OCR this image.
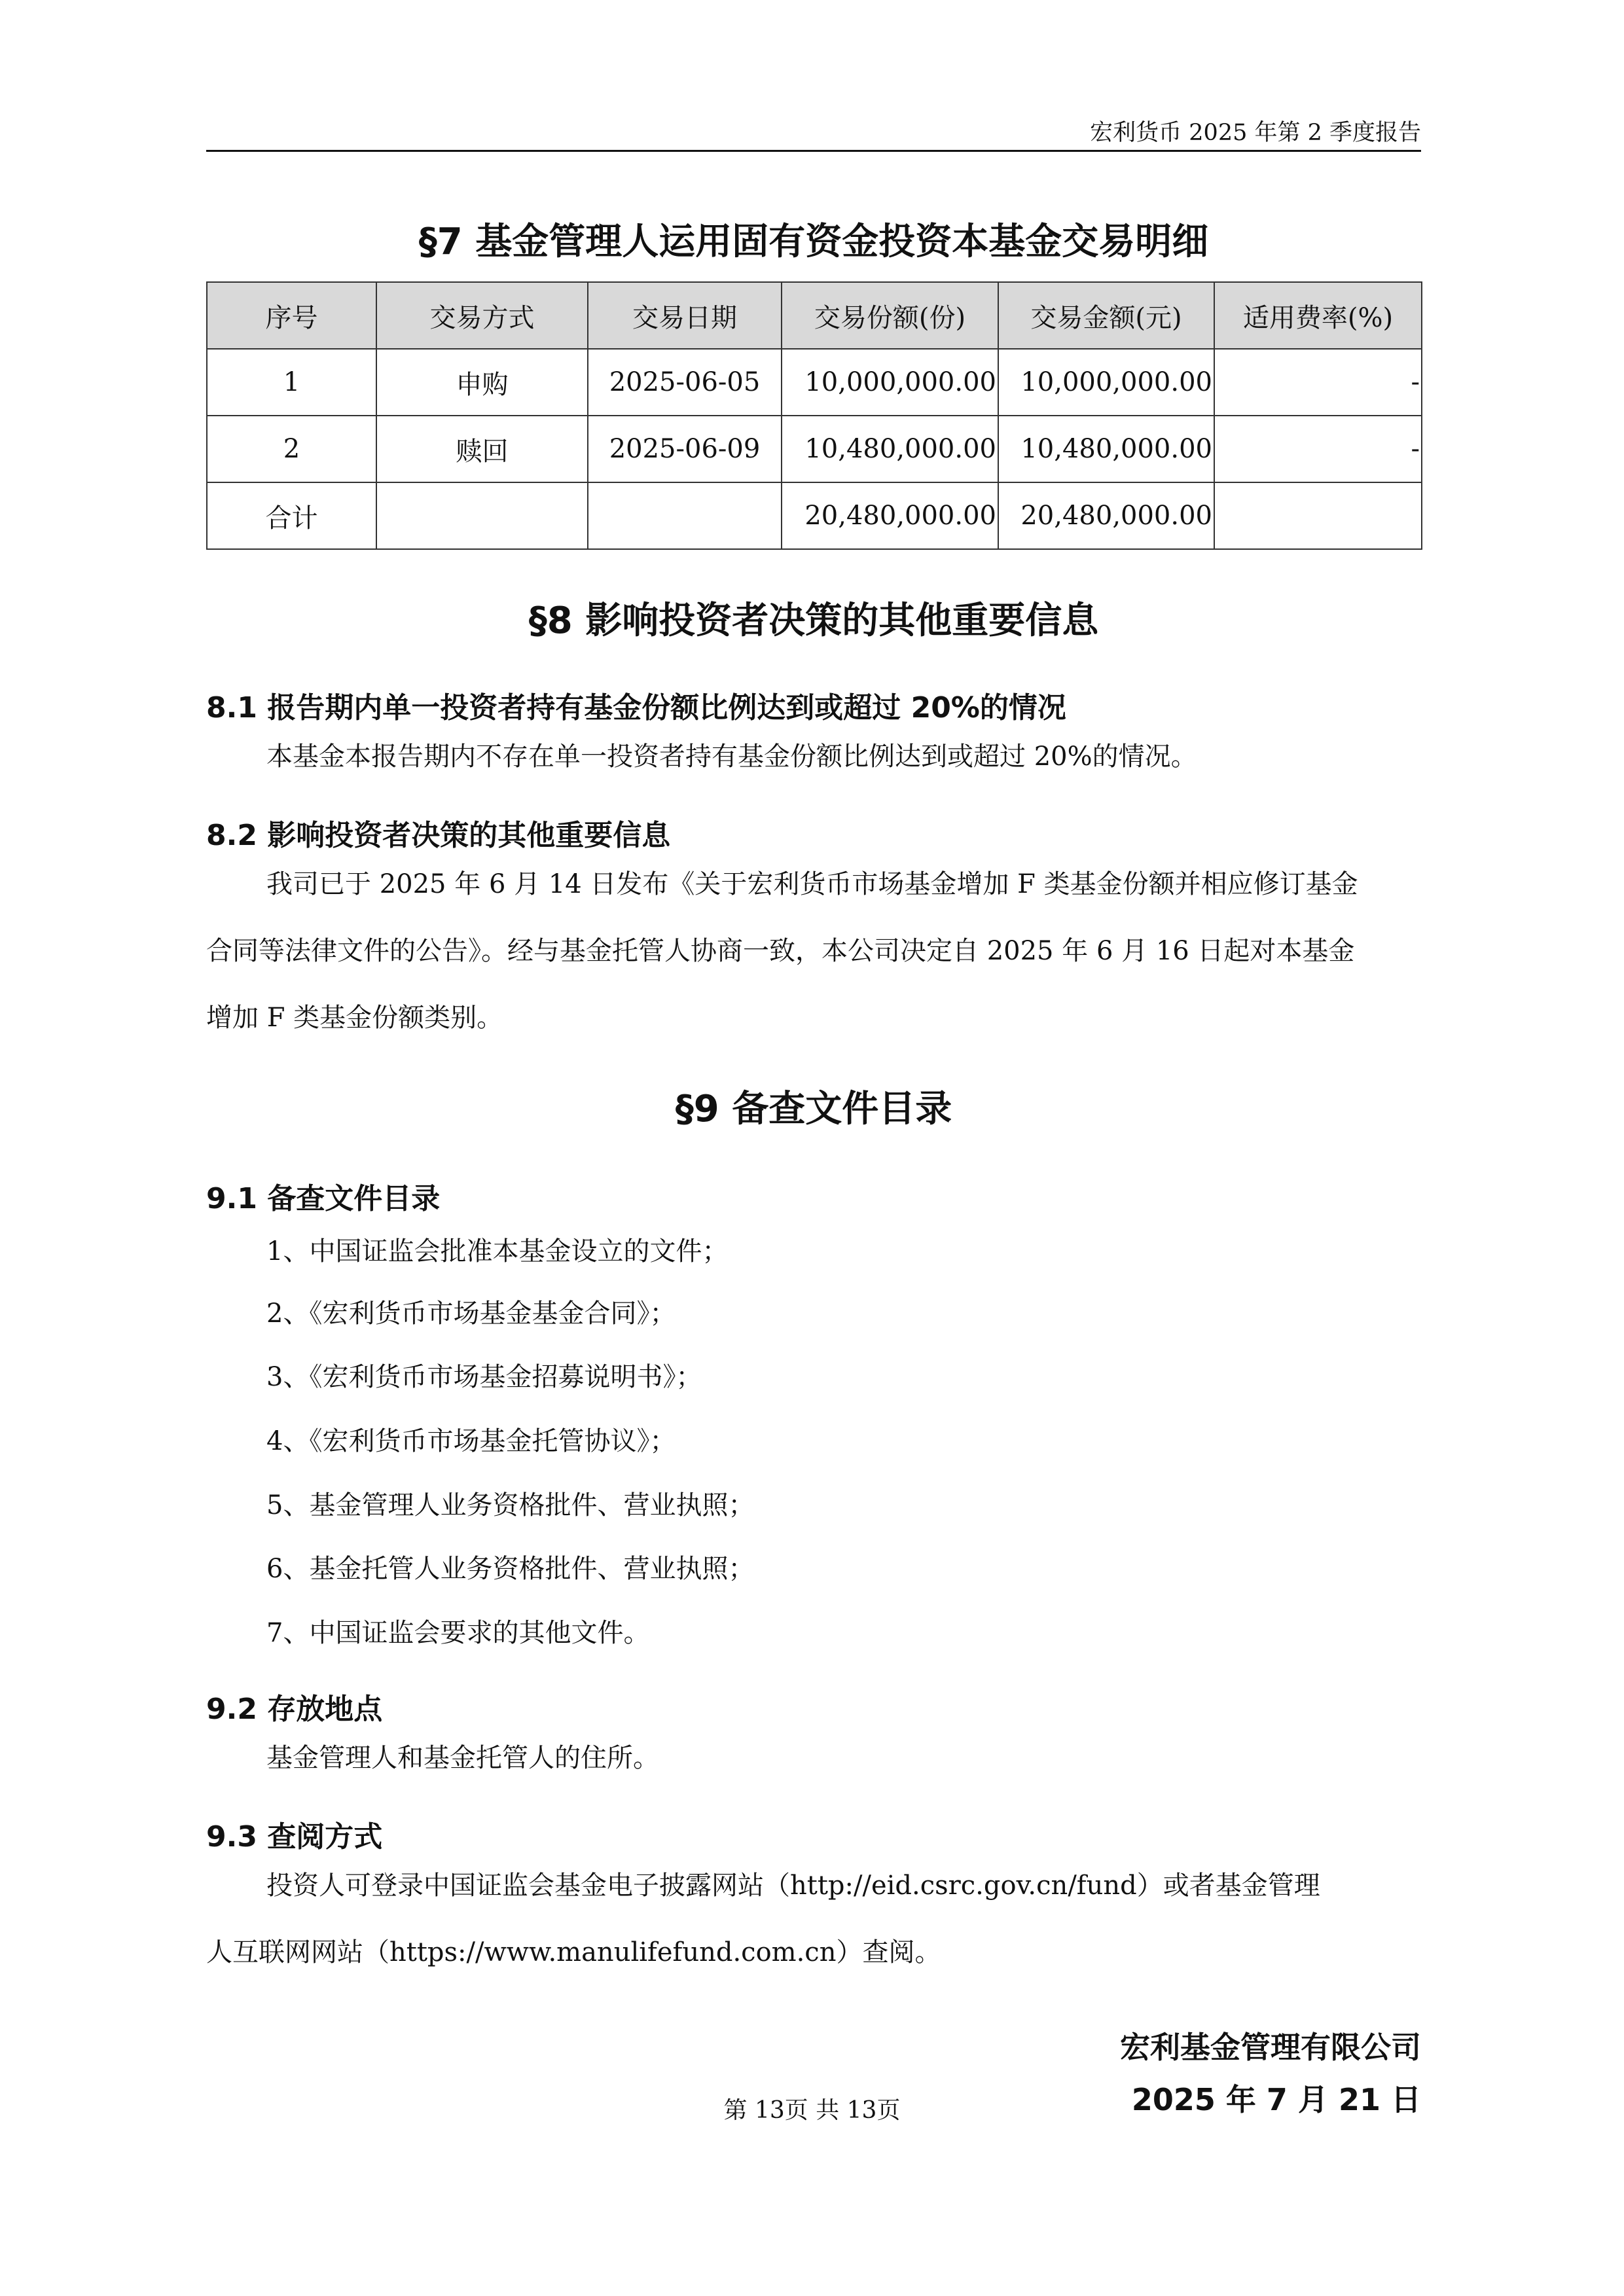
宏利货币 2025 年第 2 季度报告
§7 基金管理人运用固有资金投资本基金交易明细
序号	交易方式	交易日期	交易份额(份)	交易金额(元)	适用费率(%)
1	申购	2025-06-05	10,000,000.00	10,000,000.00	-
2	赎回	2025-06-09	10,480,000.00	10,480,000.00	-
合计			20,480,000.00	20,480,000.00	
§8 影响投资者决策的其他重要信息
8.1 报告期内单一投资者持有基金份额比例达到或超过 20%的情况
本基金本报告期内不存在单一投资者持有基金份额比例达到或超过 20%的情况。
8.2 影响投资者决策的其他重要信息
我司已于 2025 年 6 月 14 日发布《关于宏利货币市场基金增加 F 类基金份额并相应修订基金
合同等法律文件的公告》。经与基金托管人协商一致，本公司决定自 2025 年 6 月 16 日起对本基金
增加 F 类基金份额类别。
§9 备查文件目录
9.1 备查文件目录
1、中国证监会批准本基金设立的文件；
2、《宏利货币市场基金基金合同》；
3、《宏利货币市场基金招募说明书》；
4、《宏利货币市场基金托管协议》；
5、基金管理人业务资格批件、营业执照；
6、基金托管人业务资格批件、营业执照；
7、中国证监会要求的其他文件。
9.2 存放地点
基金管理人和基金托管人的住所。
9.3 查阅方式
投资人可登录中国证监会基金电子披露网站（http://eid.csrc.gov.cn/fund）或者基金管理
人互联网网站（https://www.manulifefund.com.cn）查阅。
宏利基金管理有限公司
2025 年 7 月 21 日
第 13页 共 13页
